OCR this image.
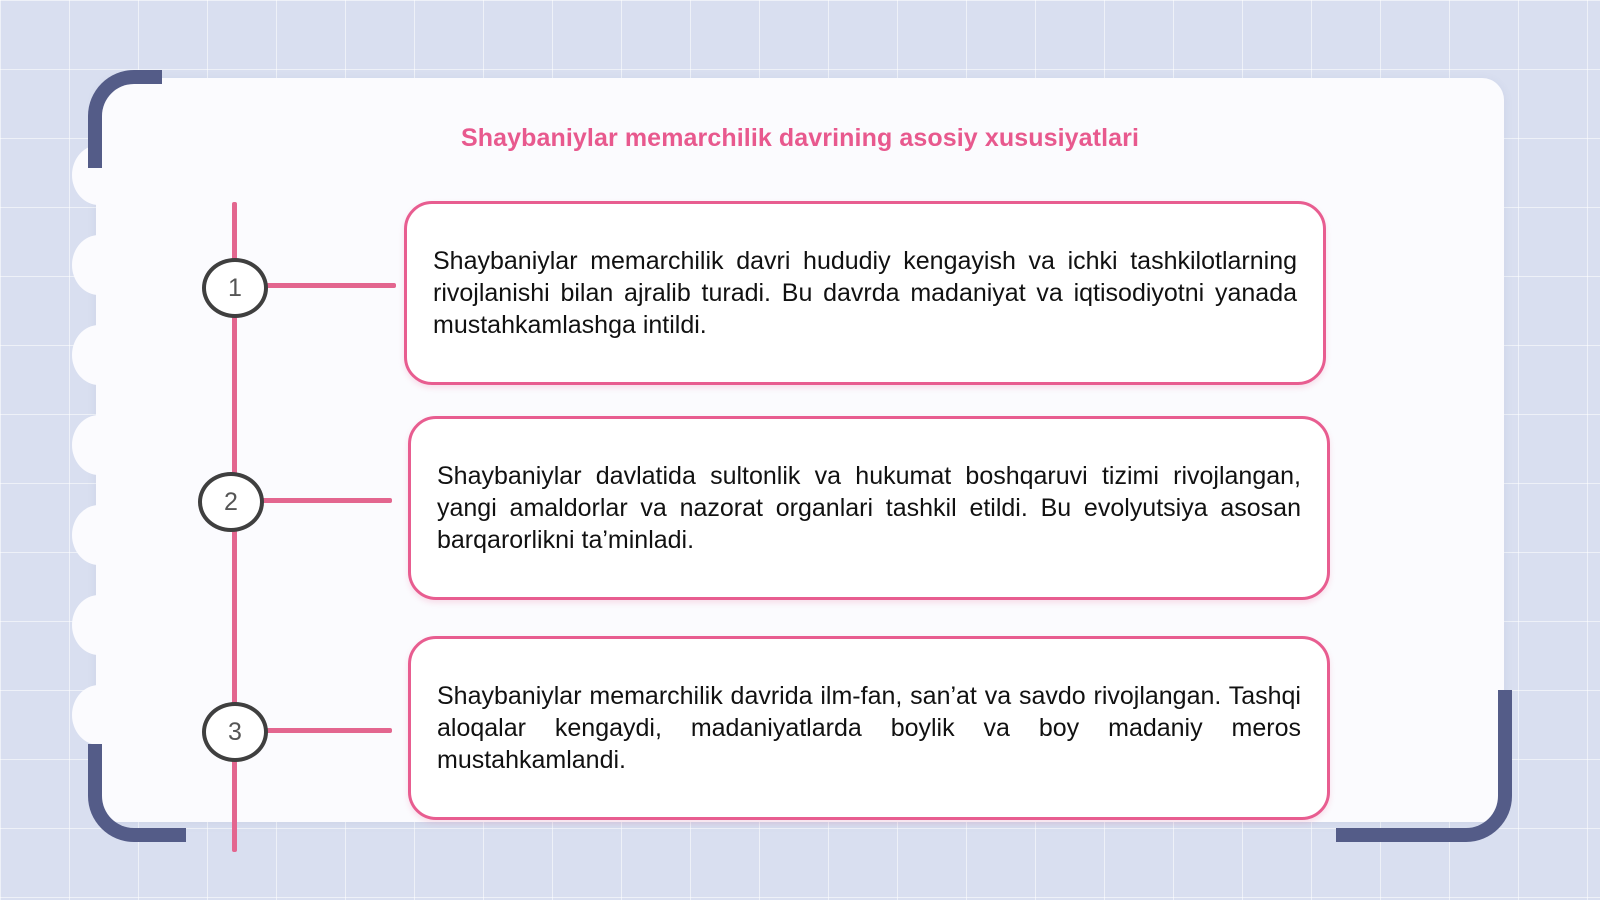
Shaybaniylar memarchilik davrining asosiy xususiyatlari
1

Shaybaniylar memarchilik davri hududiy kengayish va ichki tashkilotlarning rivojlanishi bilan ajralib turadi. Bu davrda madaniyat va iqtisodiyotni yanada mustahkamlashga intildi.

2

Shaybaniylar davlatida sultonlik va hukumat boshqaruvi tizimi rivojlangan, yangi amaldorlar va nazorat organlari tashkil etildi. Bu evolyutsiya asosan barqarorlikni ta’minladi.

3

Shaybaniylar memarchilik davrida ilm-fan, san’at va savdo rivojlangan. Tashqi aloqalar kengaydi, madaniyatlarda boylik va boy madaniy meros mustahkamlandi.
